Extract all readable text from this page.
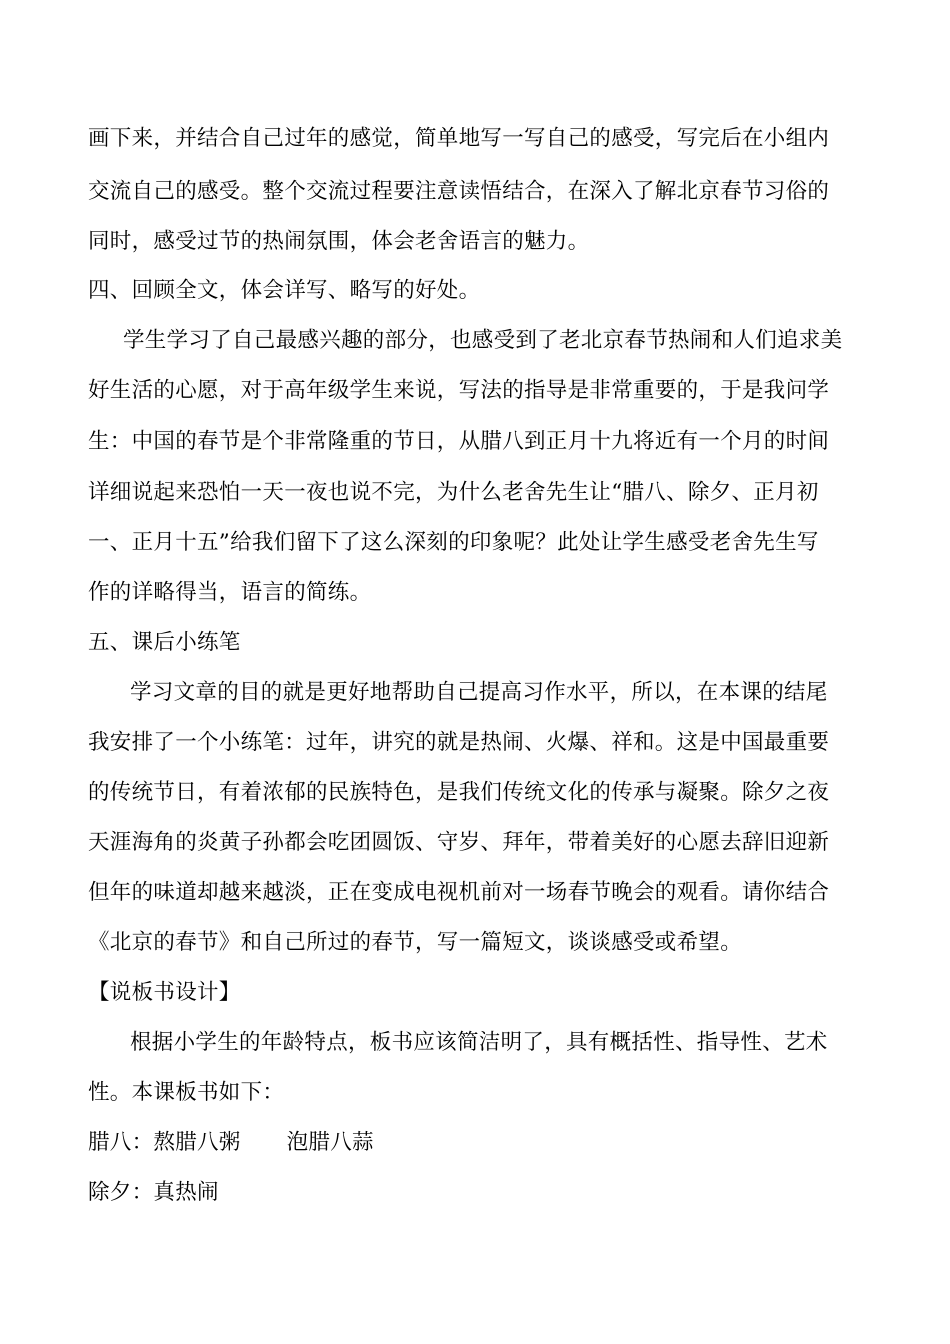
画下来，并结合自己过年的感觉，简单地写一写自己的感受，写完后在小组内
交流自己的感受。整个交流过程要注意读悟结合，在深入了解北京春节习俗的
同时，感受过节的热闹氛围，体会老舍语言的魅力。
四、回顾全文，体会详写、略写的好处。
学生学习了自己最感兴趣的部分，也感受到了老北京春节热闹和人们追求美
好生活的心愿，对于高年级学生来说，写法的指导是非常重要的，于是我问学
生：中国的春节是个非常隆重的节日，从腊八到正月十九将近有一个月的时间
详细说起来恐怕一天一夜也说不完，为什么老舍先生让“腊八、除夕、正月初
一、正月十五”给我们留下了这么深刻的印象呢？此处让学生感受老舍先生写
作的详略得当，语言的简练。
五、课后小练笔
学习文章的目的就是更好地帮助自己提高习作水平，所以，在本课的结尾
我安排了一个小练笔：过年，讲究的就是热闹、火爆、祥和。这是中国最重要
的传统节日，有着浓郁的民族特色，是我们传统文化的传承与凝聚。除夕之夜
天涯海角的炎黄子孙都会吃团圆饭、守岁、拜年，带着美好的心愿去辞旧迎新
但年的味道却越来越淡，正在变成电视机前对一场春节晚会的观看。请你结合
《北京的春节》和自己所过的春节，写一篇短文，谈谈感受或希望。
【说板书设计】
根据小学生的年龄特点，板书应该简洁明了，具有概括性、指导性、艺术
性。本课板书如下：
腊八：熬腊八粥 泡腊八蒜
除夕：真热闹
